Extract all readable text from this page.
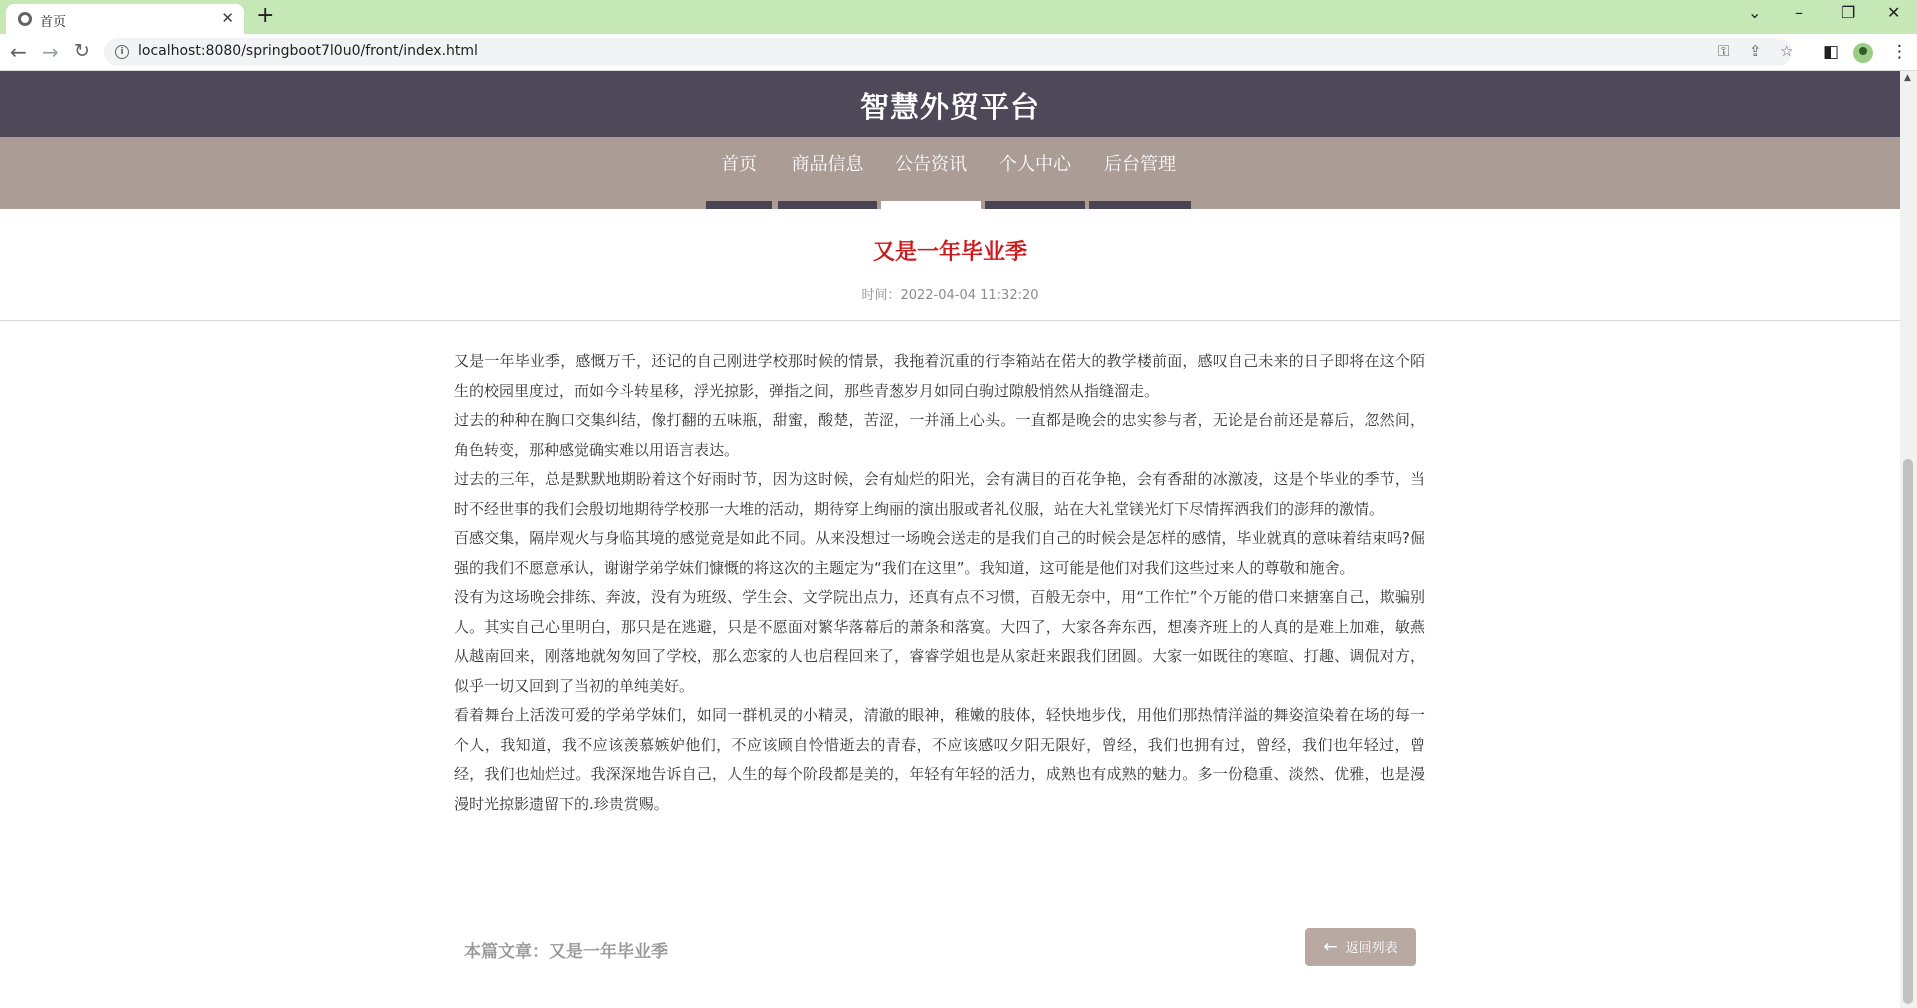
首页	✕ +	⌄ – ❐ ✕
← → ↻	i	localhost:8080/springboot7l0u0/front/index.html	⚿ ⇪ ☆ ◧	⋮
智慧外贸平台
首页	商品信息	公告资讯	个人中心	后台管理
又是一年毕业季
时间：2022-04-04 11:32:20

又是一年毕业季，感慨万千，还记的自己刚进学校那时候的情景，我拖着沉重的行李箱站在偌大的教学楼前面，感叹自己未来的日子即将在这个陌生的校园里度过，而如今斗转星移，浮光掠影，弹指之间，那些青葱岁月如同白驹过隙般悄然从指缝溜走。

过去的种种在胸口交集纠结，像打翻的五味瓶，甜蜜，酸楚，苦涩，一并涌上心头。一直都是晚会的忠实参与者，无论是台前还是幕后，忽然间，角色转变，那种感觉确实难以用语言表达。

过去的三年，总是默默地期盼着这个好雨时节，因为这时候，会有灿烂的阳光，会有满目的百花争艳，会有香甜的冰激凌，这是个毕业的季节，当时不经世事的我们会殷切地期待学校那一大堆的活动，期待穿上绚丽的演出服或者礼仪服，站在大礼堂镁光灯下尽情挥洒我们的澎拜的激情。

百感交集，隔岸观火与身临其境的感觉竟是如此不同。从来没想过一场晚会送走的是我们自己的时候会是怎样的感情，毕业就真的意味着结束吗?倔强的我们不愿意承认，谢谢学弟学妹们慷慨的将这次的主题定为“我们在这里”。我知道，这可能是他们对我们这些过来人的尊敬和施舍。

没有为这场晚会排练、奔波，没有为班级、学生会、文学院出点力，还真有点不习惯，百般无奈中，用“工作忙”个万能的借口来搪塞自己，欺骗别人。其实自己心里明白，那只是在逃避，只是不愿面对繁华落幕后的萧条和落寞。大四了，大家各奔东西，想凑齐班上的人真的是难上加难，敏燕从越南回来，刚落地就匆匆回了学校，那么恋家的人也启程回来了，睿睿学姐也是从家赶来跟我们团圆。大家一如既往的寒暄、打趣、调侃对方，似乎一切又回到了当初的单纯美好。

看着舞台上活泼可爱的学弟学妹们，如同一群机灵的小精灵，清澈的眼神，稚嫩的肢体，轻快地步伐，用他们那热情洋溢的舞姿渲染着在场的每一个人，我知道，我不应该羡慕嫉妒他们，不应该顾自怜惜逝去的青春，不应该感叹夕阳无限好，曾经，我们也拥有过，曾经，我们也年轻过，曾经，我们也灿烂过。我深深地告诉自己，人生的每个阶段都是美的，年轻有年轻的活力，成熟也有成熟的魅力。多一份稳重、淡然、优雅，也是漫漫时光掠影遗留下的.珍贵赏赐。

本篇文章：又是一年毕业季	← 返回列表
▲
